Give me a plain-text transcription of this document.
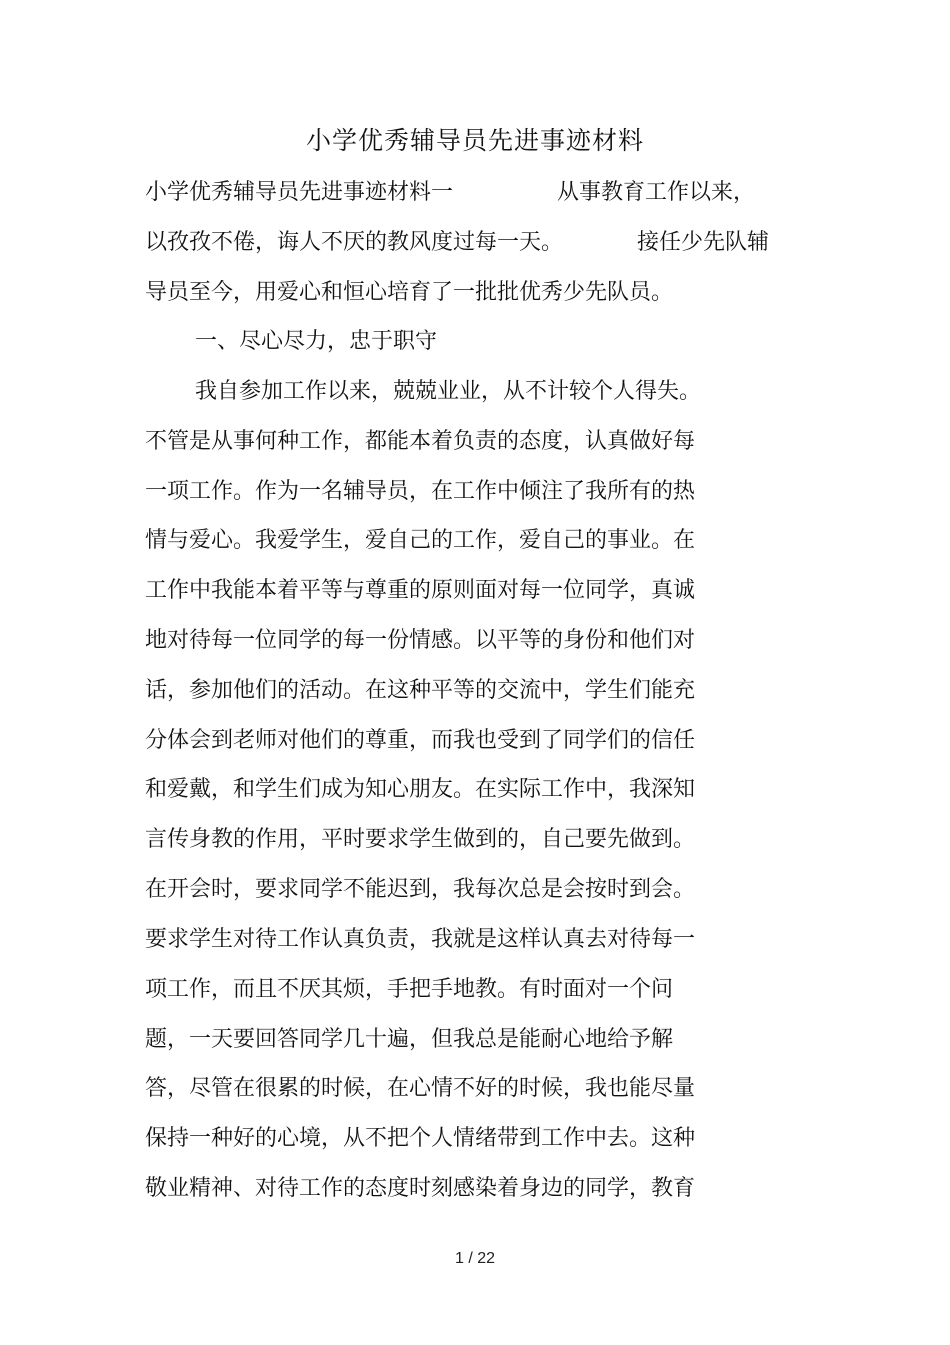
小学优秀辅导员先进事迹材料
小学优秀辅导员先进事迹材料一	从事教育工作以来，
以孜孜不倦，诲人不厌的教风度过每一天。	接任少先队辅
导员至今，用爱心和恒心培育了一批批优秀少先队员。
一、尽心尽力，忠于职守
我自参加工作以来，兢兢业业，从不计较个人得失。
不管是从事何种工作，都能本着负责的态度，认真做好每
一项工作。作为一名辅导员，在工作中倾注了我所有的热
情与爱心。我爱学生，爱自己的工作，爱自己的事业。在
工作中我能本着平等与尊重的原则面对每一位同学，真诚
地对待每一位同学的每一份情感。以平等的身份和他们对
话，参加他们的活动。在这种平等的交流中，学生们能充
分体会到老师对他们的尊重，而我也受到了同学们的信任
和爱戴，和学生们成为知心朋友。在实际工作中，我深知
言传身教的作用，平时要求学生做到的，自己要先做到。
在开会时，要求同学不能迟到，我每次总是会按时到会。
要求学生对待工作认真负责，我就是这样认真去对待每一
项工作，而且不厌其烦，手把手地教。有时面对一个问
题，一天要回答同学几十遍，但我总是能耐心地给予解
答，尽管在很累的时候，在心情不好的时候，我也能尽量
保持一种好的心境，从不把个人情绪带到工作中去。这种
敬业精神、对待工作的态度时刻感染着身边的同学，教育
1 / 22
